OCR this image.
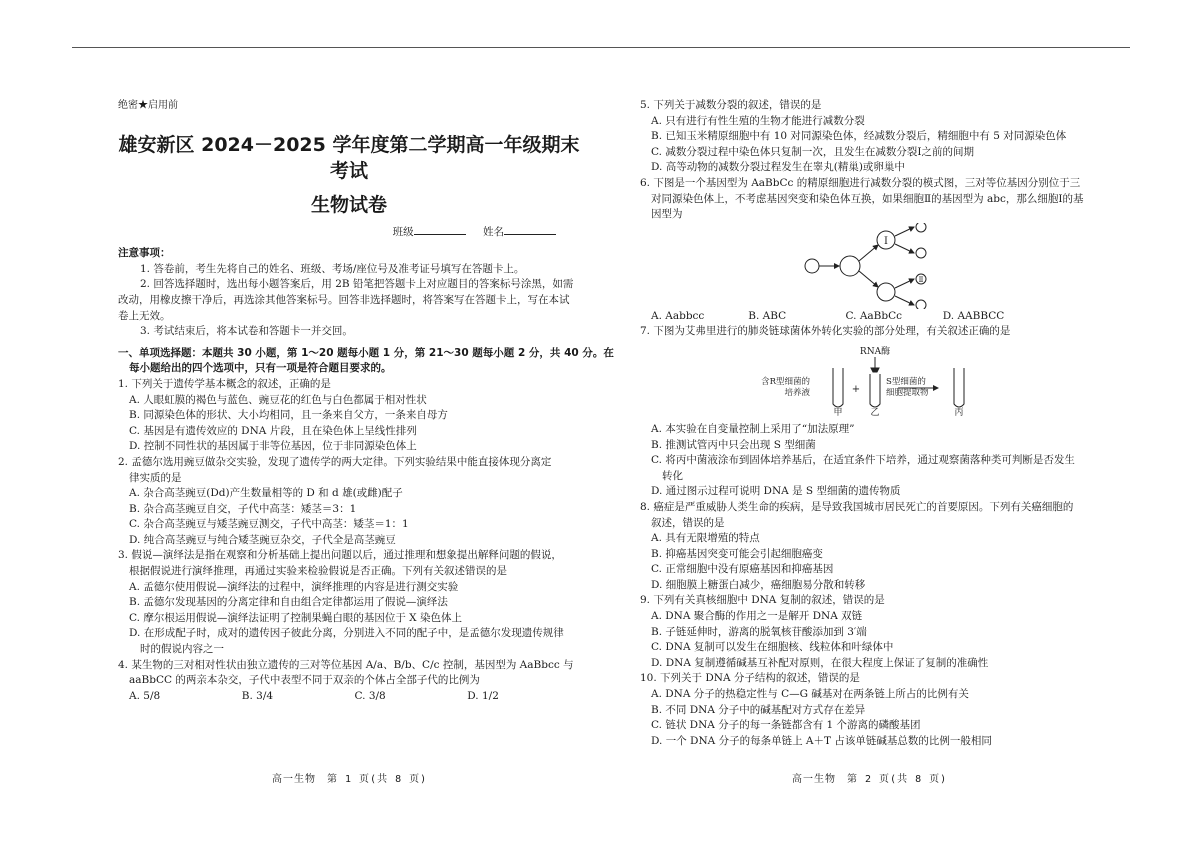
绝密★启用前
雄安新区 2024－2025 学年度第二学期高一年级期末考试
生物试卷
班级	姓名
注意事项：
1. 答卷前，考生先将自己的姓名、班级、考场/座位号及准考证号填写在答题卡上。
2. 回答选择题时，选出每小题答案后，用 2B 铅笔把答题卡上对应题目的答案标号涂黑，如需
改动，用橡皮擦干净后，再选涂其他答案标号。回答非选择题时，将答案写在答题卡上，写在本试
卷上无效。
3. 考试结束后，将本试卷和答题卡一并交回。
一、单项选择题：本题共 30 小题，第 1～20 题每小题 1 分，第 21～30 题每小题 2 分，共 40 分。在
每小题给出的四个选项中，只有一项是符合题目要求的。
1. 下列关于遗传学基本概念的叙述，正确的是
A. 人眼虹膜的褐色与蓝色、豌豆花的红色与白色都属于相对性状
B. 同源染色体的形状、大小均相同，且一条来自父方，一条来自母方
C. 基因是有遗传效应的 DNA 片段，且在染色体上呈线性排列
D. 控制不同性状的基因属于非等位基因，位于非同源染色体上
2. 孟德尔选用豌豆做杂交实验，发现了遗传学的两大定律。下列实验结果中能直接体现分离定
律实质的是
A. 杂合高茎豌豆(Dd)产生数量相等的 D 和 d 雄(或雌)配子
B. 杂合高茎豌豆自交，子代中高茎：矮茎＝3：1
C. 杂合高茎豌豆与矮茎豌豆测交，子代中高茎：矮茎＝1：1
D. 纯合高茎豌豆与纯合矮茎豌豆杂交，子代全是高茎豌豆
3. 假说—演绎法是指在观察和分析基础上提出问题以后，通过推理和想象提出解释问题的假说，
根据假说进行演绎推理，再通过实验来检验假说是否正确。下列有关叙述错误的是
A. 孟德尔使用假说—演绎法的过程中，演绎推理的内容是进行测交实验
B. 孟德尔发现基因的分离定律和自由组合定律都运用了假说—演绎法
C. 摩尔根运用假说—演绎法证明了控制果蝇白眼的基因位于 X 染色体上
D. 在形成配子时，成对的遗传因子彼此分离，分别进入不同的配子中，是孟德尔发现遗传规律
时的假说内容之一
4. 某生物的三对相对性状由独立遗传的三对等位基因 A/a、B/b、C/c 控制，基因型为 AaBbcc 与
aaBbCC 的两亲本杂交，子代中表型不同于双亲的个体占全部子代的比例为
A. 5/8	B. 3/4	C. 3/8	D. 1/2
高一生物　第 1 页(共 8 页)
5. 下列关于减数分裂的叙述，错误的是
A. 只有进行有性生殖的生物才能进行减数分裂
B. 已知玉米精原细胞中有 10 对同源染色体，经减数分裂后，精细胞中有 5 对同源染色体
C. 减数分裂过程中染色体只复制一次，且发生在减数分裂Ⅰ之前的间期
D. 高等动物的减数分裂过程发生在睾丸(精巢)或卵巢中
6. 下图是一个基因型为 AaBbCc 的精原细胞进行减数分裂的模式图，三对等位基因分别位于三
对同源染色体上，不考虑基因突变和染色体互换，如果细胞Ⅱ的基因型为 abc，那么细胞Ⅰ的基
因型为
Ⅰ
Ⅱ
A. Aabbcc	B. ABC	C. AaBbCc	D. AABBCC
7. 下图为艾弗里进行的肺炎链球菌体外转化实验的部分处理，有关叙述正确的是
RNA酶
含R型细菌的
培养液	+
S型细菌的
细胞提取物
甲	乙	丙
A. 本实验在自变量控制上采用了“加法原理”
B. 推测试管丙中只会出现 S 型细菌
C. 将丙中菌液涂布到固体培养基后，在适宜条件下培养，通过观察菌落种类可判断是否发生
转化
D. 通过图示过程可说明 DNA 是 S 型细菌的遗传物质
8. 癌症是严重威胁人类生命的疾病，是导致我国城市居民死亡的首要原因。下列有关癌细胞的
叙述，错误的是
A. 具有无限增殖的特点
B. 抑癌基因突变可能会引起细胞癌变
C. 正常细胞中没有原癌基因和抑癌基因
D. 细胞膜上糖蛋白减少，癌细胞易分散和转移
9. 下列有关真核细胞中 DNA 复制的叙述，错误的是
A. DNA 聚合酶的作用之一是解开 DNA 双链
B. 子链延伸时，游离的脱氧核苷酸添加到 3′端
C. DNA 复制可以发生在细胞核、线粒体和叶绿体中
D. DNA 复制遵循碱基互补配对原则，在很大程度上保证了复制的准确性
10. 下列关于 DNA 分子结构的叙述，错误的是
A. DNA 分子的热稳定性与 C—G 碱基对在两条链上所占的比例有关
B. 不同 DNA 分子中的碱基配对方式存在差异
C. 链状 DNA 分子的每一条链都含有 1 个游离的磷酸基团
D. 一个 DNA 分子的每条单链上 A＋T 占该单链碱基总数的比例一般相同
高一生物　第 2 页(共 8 页)
